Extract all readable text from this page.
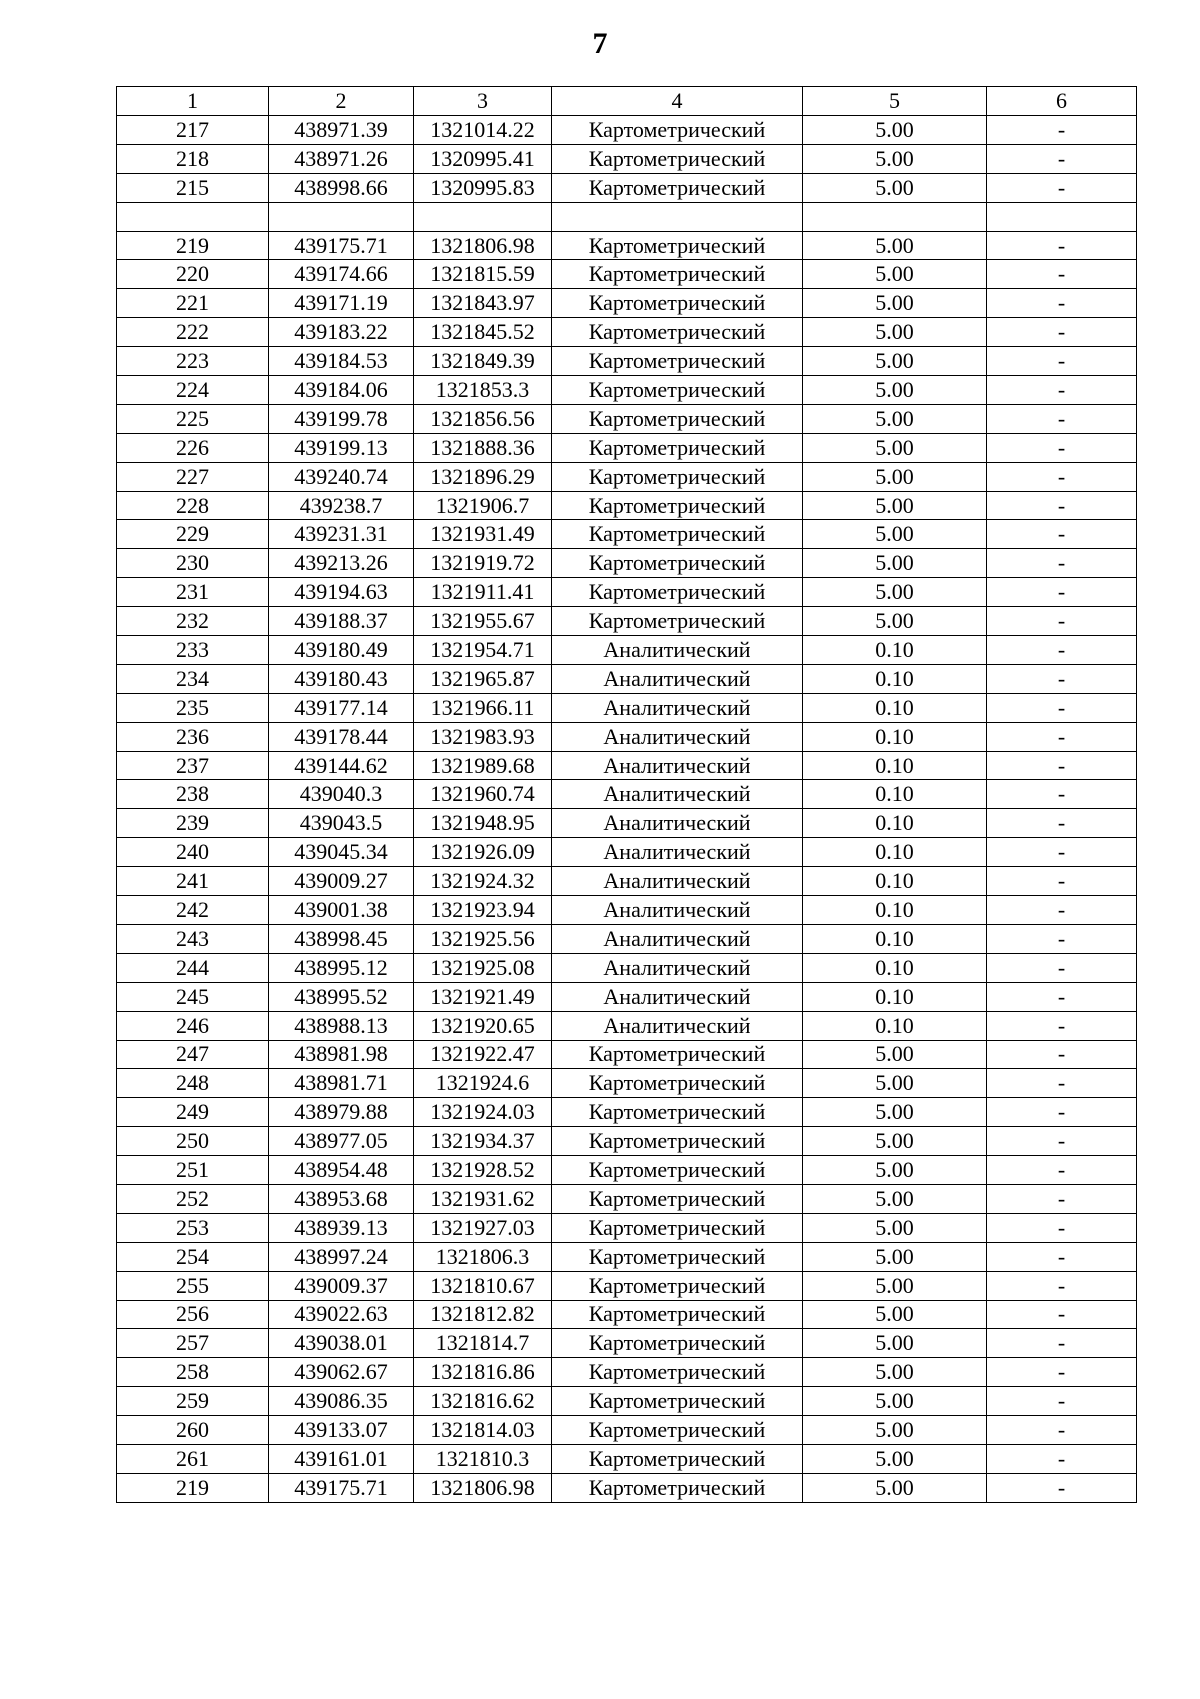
7
1	2	3	4	5	6
217	438971.39	1321014.22	Картометрический	5.00	-
218	438971.26	1320995.41	Картометрический	5.00	-
215	438998.66	1320995.83	Картометрический	5.00	-

219	439175.71	1321806.98	Картометрический	5.00	-
220	439174.66	1321815.59	Картометрический	5.00	-
221	439171.19	1321843.97	Картометрический	5.00	-
222	439183.22	1321845.52	Картометрический	5.00	-
223	439184.53	1321849.39	Картометрический	5.00	-
224	439184.06	1321853.3	Картометрический	5.00	-
225	439199.78	1321856.56	Картометрический	5.00	-
226	439199.13	1321888.36	Картометрический	5.00	-
227	439240.74	1321896.29	Картометрический	5.00	-
228	439238.7	1321906.7	Картометрический	5.00	-
229	439231.31	1321931.49	Картометрический	5.00	-
230	439213.26	1321919.72	Картометрический	5.00	-
231	439194.63	1321911.41	Картометрический	5.00	-
232	439188.37	1321955.67	Картометрический	5.00	-
233	439180.49	1321954.71	Аналитический	0.10	-
234	439180.43	1321965.87	Аналитический	0.10	-
235	439177.14	1321966.11	Аналитический	0.10	-
236	439178.44	1321983.93	Аналитический	0.10	-
237	439144.62	1321989.68	Аналитический	0.10	-
238	439040.3	1321960.74	Аналитический	0.10	-
239	439043.5	1321948.95	Аналитический	0.10	-
240	439045.34	1321926.09	Аналитический	0.10	-
241	439009.27	1321924.32	Аналитический	0.10	-
242	439001.38	1321923.94	Аналитический	0.10	-
243	438998.45	1321925.56	Аналитический	0.10	-
244	438995.12	1321925.08	Аналитический	0.10	-
245	438995.52	1321921.49	Аналитический	0.10	-
246	438988.13	1321920.65	Аналитический	0.10	-
247	438981.98	1321922.47	Картометрический	5.00	-
248	438981.71	1321924.6	Картометрический	5.00	-
249	438979.88	1321924.03	Картометрический	5.00	-
250	438977.05	1321934.37	Картометрический	5.00	-
251	438954.48	1321928.52	Картометрический	5.00	-
252	438953.68	1321931.62	Картометрический	5.00	-
253	438939.13	1321927.03	Картометрический	5.00	-
254	438997.24	1321806.3	Картометрический	5.00	-
255	439009.37	1321810.67	Картометрический	5.00	-
256	439022.63	1321812.82	Картометрический	5.00	-
257	439038.01	1321814.7	Картометрический	5.00	-
258	439062.67	1321816.86	Картометрический	5.00	-
259	439086.35	1321816.62	Картометрический	5.00	-
260	439133.07	1321814.03	Картометрический	5.00	-
261	439161.01	1321810.3	Картометрический	5.00	-
219	439175.71	1321806.98	Картометрический	5.00	-
